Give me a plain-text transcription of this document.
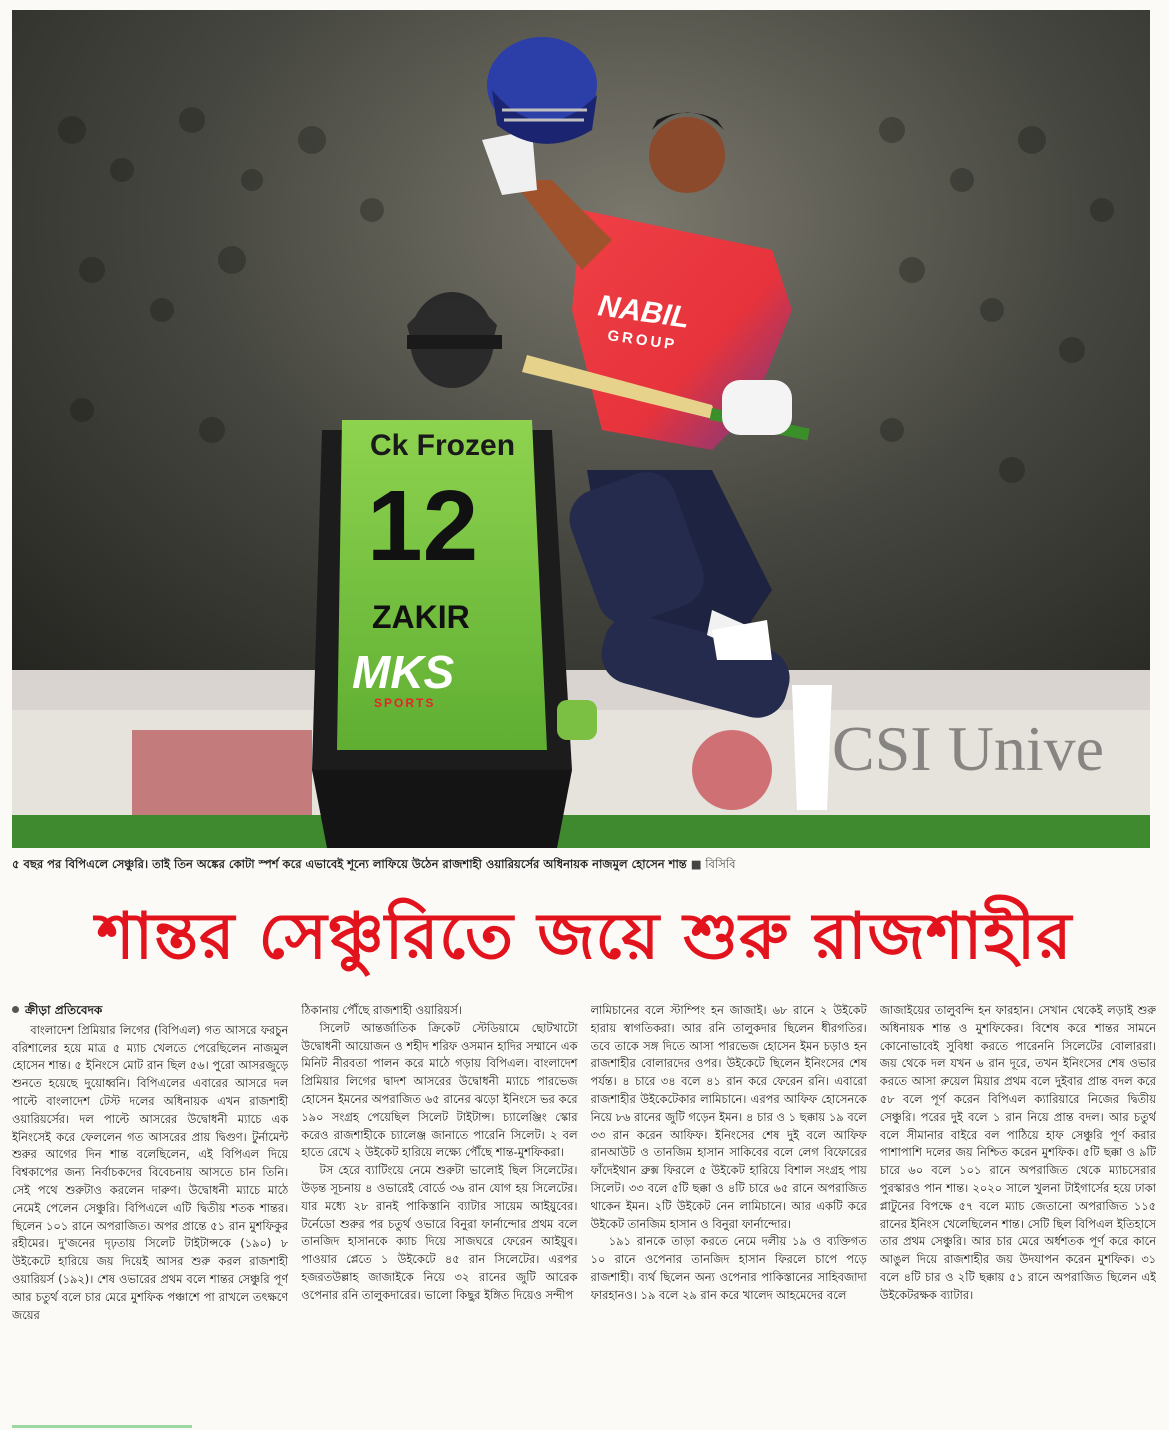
CSI Unive
NABIL
GROUP
Ck Frozen
12
ZAKIR
MKS
SPORTS
৫ বছর পর বিপিএলে সেঞ্চুরি। তাই তিন অঙ্কের কোটা স্পর্শ করে এভাবেই শূন্যে লাফিয়ে উঠেন রাজশাহী ওয়ারিয়র্সের অধিনায়ক নাজমুল হোসেন শান্ত ■ বিসিবি
শান্তর সেঞ্চুরিতে জয়ে শুরু রাজশাহীর
ক্রীড়া প্রতিবেদক

বাংলাদেশ প্রিমিয়ার লিগের (বিপিএল) গত আসরে ফরচুন বরিশালের হয়ে মাত্র ৫ ম্যাচ খেলতে পেরেছিলেন নাজমুল হোসেন শান্ত। ৫ ইনিংসে মোট রান ছিল ৫৬। পুরো আসরজুড়ে শুনতে হয়েছে দুয়োধ্বনি। বিপিএলের এবারের আসরে দল পাল্টে বাংলাদেশ টেস্ট দলের অধিনায়ক এখন রাজশাহী ওয়ারিয়র্সের। দল পাল্টে আসরের উদ্বোধনী ম্যাচে এক ইনিংসেই করে ফেললেন গত আসরের প্রায় দ্বিগুণ। টুর্নামেন্ট শুরুর আগের দিন শান্ত বলেছিলেন, এই বিপিএল দিয়ে বিশ্বকাপের জন্য নির্বাচকদের বিবেচনায় আসতে চান তিনি। সেই পথে শুরুটাও করলেন দারুণ। উদ্বোধনী ম্যাচে মাঠে নেমেই পেলেন সেঞ্চুরি। বিপিএলে এটি দ্বিতীয় শতক শান্তর। ছিলেন ১০১ রানে অপরাজিত। অপর প্রান্তে ৫১ রান মুশফিকুর রহীমের। দু'জনের দৃঢ়তায় সিলেট টাইটান্সকে (১৯০) ৮ উইকেটে হারিয়ে জয় দিয়েই আসর শুরু করল রাজশাহী ওয়ারিয়র্স (১৯২)। শেষ ওভারের প্রথম বলে শান্তর সেঞ্চুরি পূর্ণ আর চতুর্থ বলে চার মেরে মুশফিক পঞ্চাশে পা রাখলে তৎক্ষণে জয়ের

ঠিকানায় পৌঁছে রাজশাহী ওয়ারিয়র্স।

সিলেট আন্তর্জাতিক ক্রিকেট স্টেডিয়ামে ছোটখাটো উদ্বোধনী আয়োজন ও শহীদ শরিফ ওসমান হাদির সম্মানে এক মিনিট নীরবতা পালন করে মাঠে গড়ায় বিপিএল। বাংলাদেশ প্রিমিয়ার লিগের দ্বাদশ আসরের উদ্বোধনী ম্যাচে পারভেজ হোসেন ইমনের অপরাজিত ৬৫ রানের ঝড়ো ইনিংসে ভর করে ১৯০ সংগ্রহ পেয়েছিল সিলেট টাইটান্স। চ্যালেঞ্জিং স্কোর করেও রাজশাহীকে চ্যালেঞ্জ জানাতে পারেনি সিলেট। ২ বল হাতে রেখে ২ উইকেট হারিয়ে লক্ষ্যে পৌঁছে শান্ত-মুশফিকরা।

টস হেরে ব্যাটিংয়ে নেমে শুরুটা ভালোই ছিল সিলেটের। উড়ন্ত সূচনায় ৪ ওভারেই বোর্ডে ৩৬ রান যোগ হয় সিলেটের। যার মধ্যে ২৮ রানই পাকিস্তানি ব্যাটার সায়েম আইয়ুবের। টর্নেডো শুরুর পর চতুর্থ ওভারে বিনুরা ফার্নান্দোর প্রথম বলে তানজিদ হাসানকে ক্যাচ দিয়ে সাজঘরে ফেরেন আইয়ুব। পাওয়ার প্লেতে ১ উইকেটে ৪৫ রান সিলেটের। এরপর হজরতউল্লাহ জাজাইকে নিয়ে ৩২ রানের জুটি আরেক ওপেনার রনি তালুকদারের। ভালো কিছুর ইঙ্গিত দিয়েও সন্দীপ

লামিচানের বলে স্টাম্পিং হন জাজাই। ৬৮ রানে ২ উইকেট হারায় স্বাগতিকরা। আর রনি তালুকদার ছিলেন ধীরগতির। তবে তাকে সঙ্গ দিতে আসা পারভেজ হোসেন ইমন চড়াও হন রাজশাহীর বোলারদের ওপর। উইকেটে ছিলেন ইনিংসের শেষ পর্যন্ত। ৪ চারে ৩৪ বলে ৪১ রান করে ফেরেন রনি। এবারো রাজশাহীর উইকেটেকার লামিচানে। এরপর আফিফ হোসেনকে নিয়ে ৮৬ রানের জুটি গড়েন ইমন। ৪ চার ও ১ ছক্কায় ১৯ বলে ৩৩ রান করেন আফিফ। ইনিংসের শেষ দুই বলে আফিফ রানআউট ও তানজিম হাসান সাকিবের বলে লেগ বিফোরের ফাঁদেইথান ব্রুক্স ফিরলে ৫ উইকেট হারিয়ে বিশাল সংগ্রহ পায় সিলেট। ৩৩ বলে ৫টি ছক্কা ও ৪টি চারে ৬৫ রানে অপরাজিত থাকেন ইমন। ২টি উইকেট নেন লামিচানে। আর একটি করে উইকেট তানজিম হাসান ও বিনুরা ফার্নান্দোর।

১৯১ রানকে তাড়া করতে নেমে দলীয় ১৯ ও ব্যক্তিগত ১০ রানে ওপেনার তানজিদ হাসান ফিরলে চাপে পড়ে রাজশাহী। ব্যর্থ ছিলেন অন্য ওপেনার পাকিস্তানের সাহিবজাদা ফারহানও। ১৯ বলে ২৯ রান করে খালেদ আহমেদের বলে

জাজাইয়ের তালুবন্দি হন ফারহান। সেখান থেকেই লড়াই শুরু অধিনায়ক শান্ত ও মুশফিকের। বিশেষ করে শান্তর সামনে কোনোভাবেই সুবিধা করতে পারেননি সিলেটের বোলাররা। জয় থেকে দল যখন ৬ রান দূরে, তখন ইনিংসের শেষ ওভার করতে আসা রুয়েল মিয়ার প্রথম বলে দুইবার প্রান্ত বদল করে ৫৮ বলে পূর্ণ করেন বিপিএল ক্যারিয়ারে নিজের দ্বিতীয় সেঞ্চুরি। পরের দুই বলে ১ রান নিয়ে প্রান্ত বদল। আর চতুর্থ বলে সীমানার বাইরে বল পাঠিয়ে হাফ সেঞ্চুরি পূর্ণ করার পাশাপাশি দলের জয় নিশ্চিত করেন মুশফিক। ৫টি ছক্কা ও ৯টি চারে ৬০ বলে ১০১ রানে অপরাজিত থেকে ম্যাচসেরার পুরস্কারও পান শান্ত। ২০২০ সালে খুলনা টাইগার্সের হয়ে ঢাকা প্লাটুনের বিপক্ষে ৫৭ বলে ম্যাচ জেতানো অপরাজিত ১১৫ রানের ইনিংস খেলেছিলেন শান্ত। সেটি ছিল বিপিএল ইতিহাসে তার প্রথম সেঞ্চুরি। আর চার মেরে অর্ধশতক পূর্ণ করে কানে আঙুল দিয়ে রাজশাহীর জয় উদযাপন করেন মুশফিক। ৩১ বলে ৪টি চার ও ২টি ছক্কায় ৫১ রানে অপরাজিত ছিলেন এই উইকেটরক্ষক ব্যাটার।
